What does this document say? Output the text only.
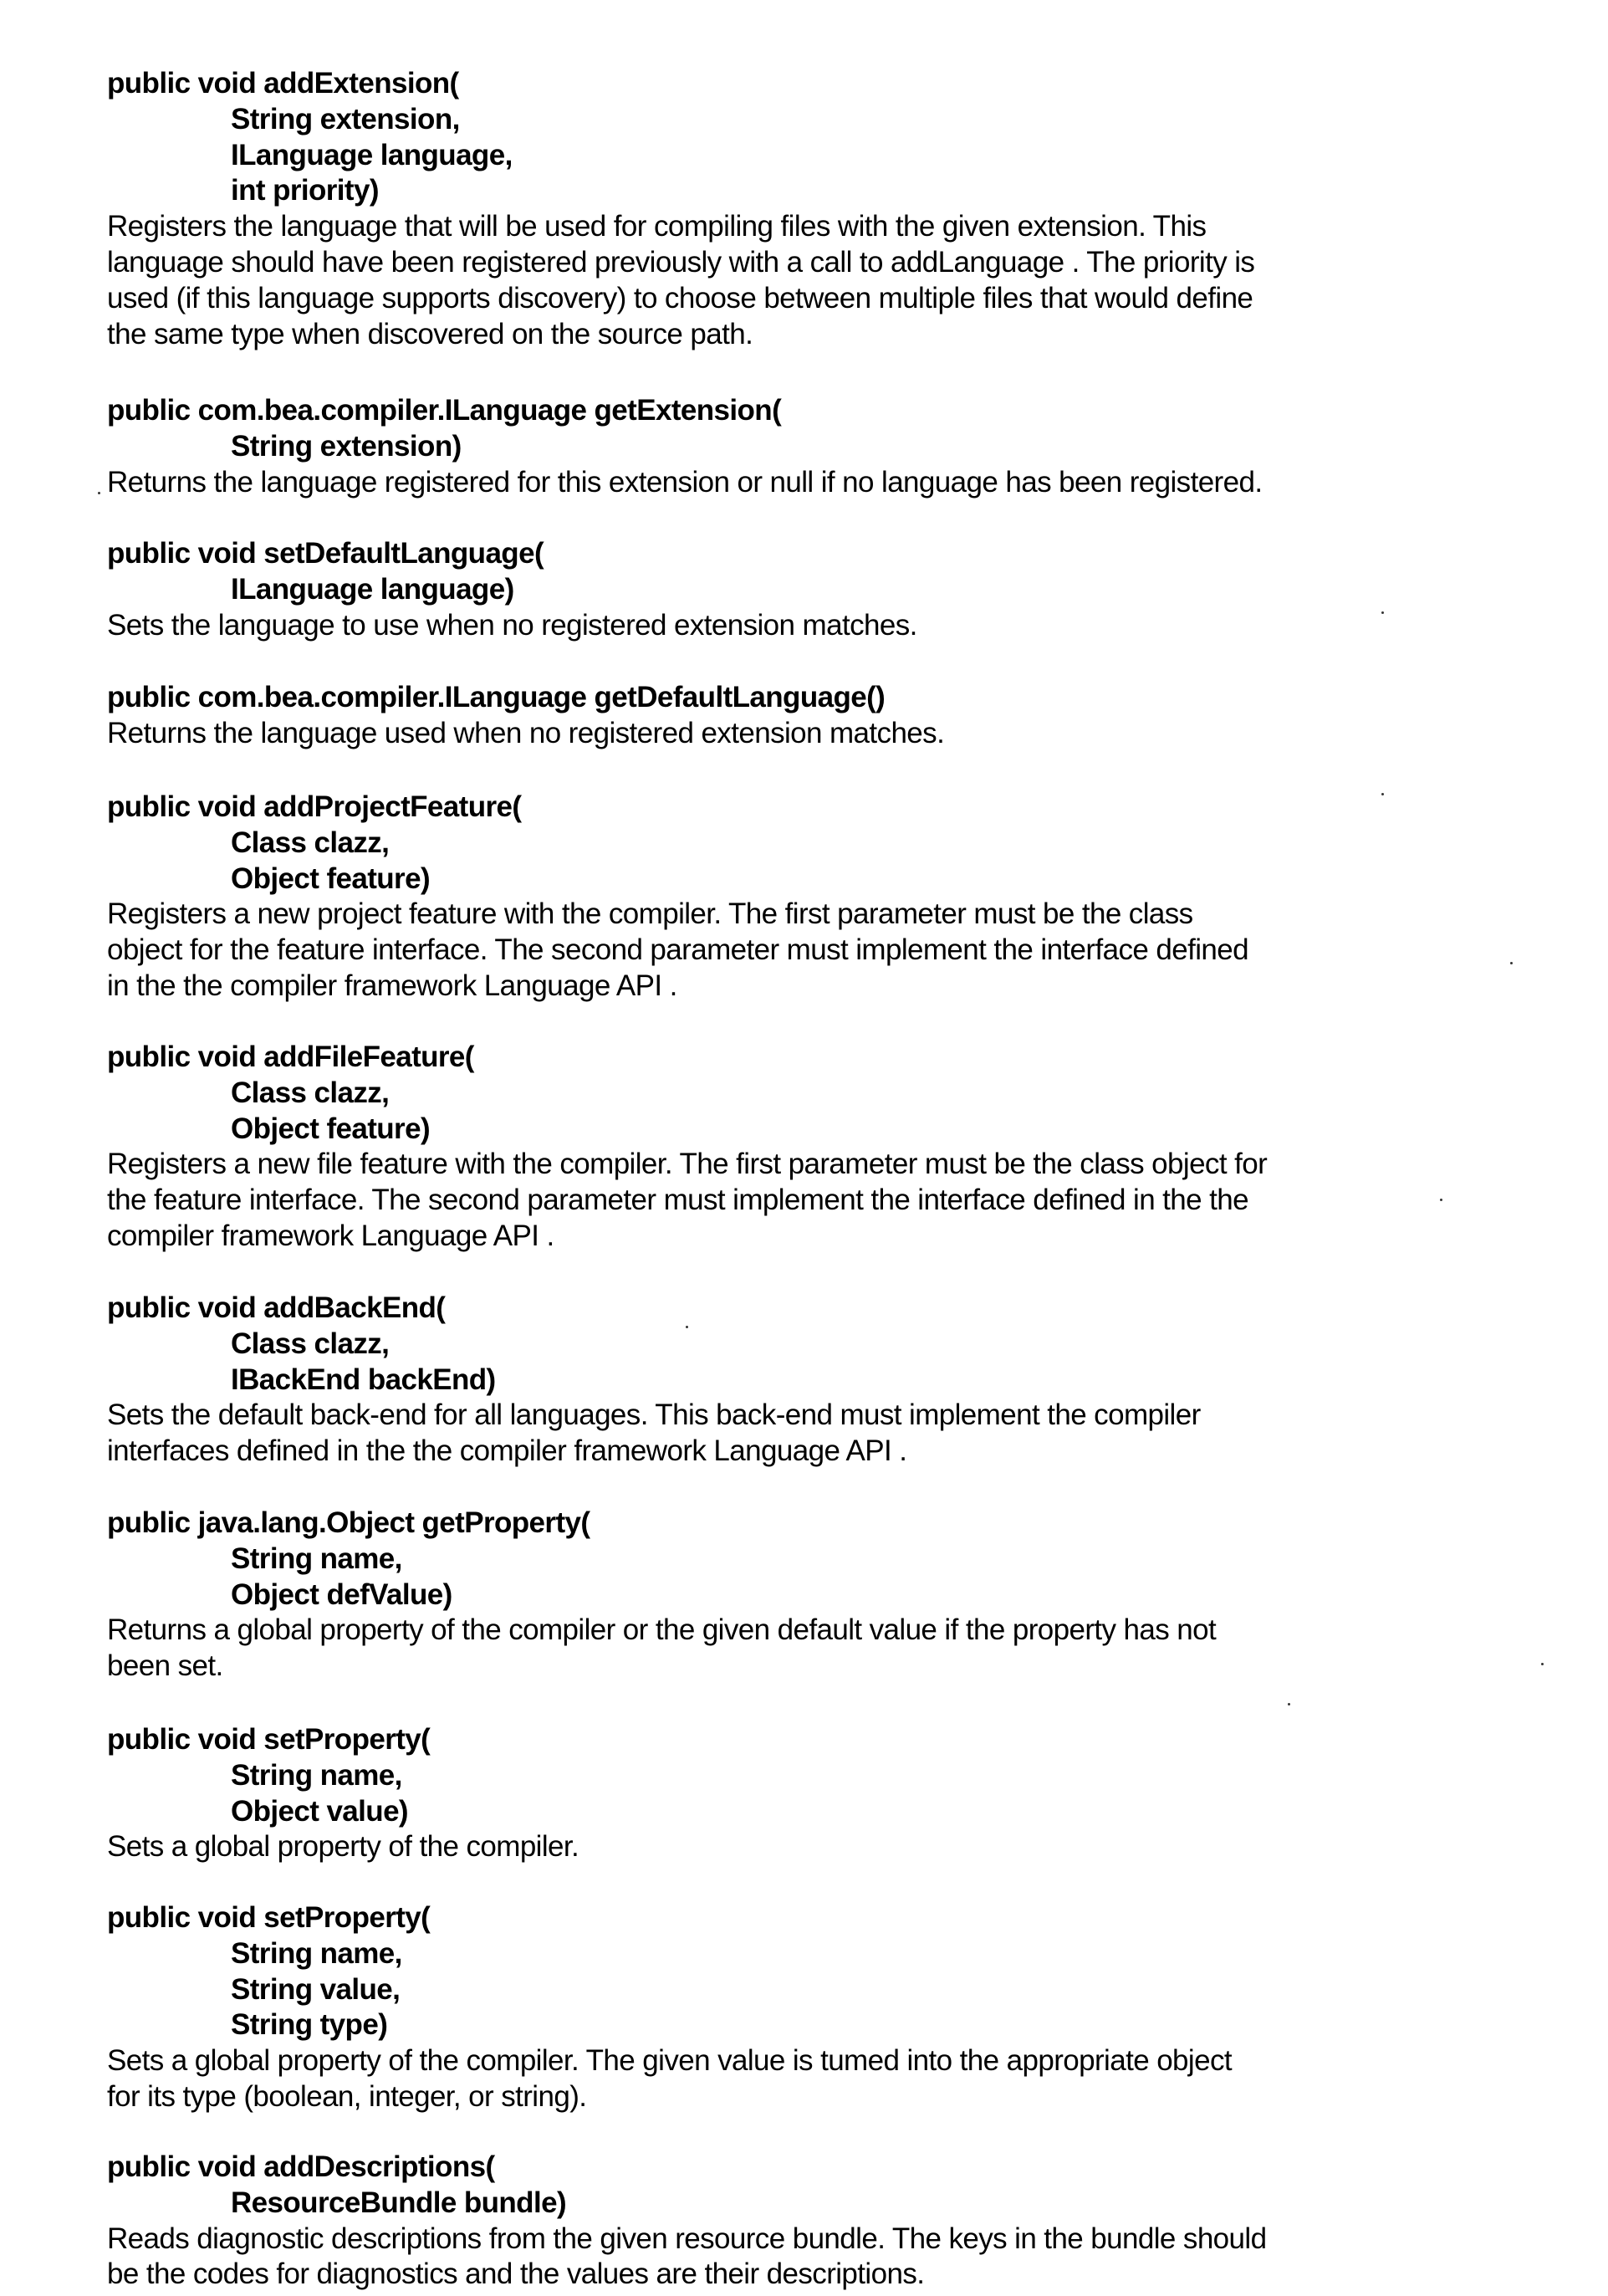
public void addExtension(
String extension,
ILanguage language,
int priority)
Registers the language that will be used for compiling files with the given extension. This
language should have been registered previously with a call to addLanguage . The priority is
used (if this language supports discovery) to choose between multiple files that would define
the same type when discovered on the source path.
public com.bea.compiler.ILanguage getExtension(
String extension)
Returns the language registered for this extension or null if no language has been registered.
public void setDefaultLanguage(
ILanguage language)
Sets the language to use when no registered extension matches.
public com.bea.compiler.ILanguage getDefaultLanguage()
Returns the language used when no registered extension matches.
public void addProjectFeature(
Class clazz,
Object feature)
Registers a new project feature with the compiler. The first parameter must be the class
object for the feature interface. The second parameter must implement the interface defined
in the the compiler framework Language API .
public void addFileFeature(
Class clazz,
Object feature)
Registers a new file feature with the compiler. The first parameter must be the class object for
the feature interface. The second parameter must implement the interface defined in the the
compiler framework Language API .
public void addBackEnd(
Class clazz,
IBackEnd backEnd)
Sets the default back-end for all languages. This back-end must implement the compiler
interfaces defined in the the compiler framework Language API .
public java.lang.Object getProperty(
String name,
Object defValue)
Returns a global property of the compiler or the given default value if the property has not
been set.
public void setProperty(
String name,
Object value)
Sets a global property of the compiler.
public void setProperty(
String name,
String value,
String type)
Sets a global property of the compiler. The given value is tumed into the appropriate object
for its type (boolean, integer, or string).
public void addDescriptions(
ResourceBundle bundle)
Reads diagnostic descriptions from the given resource bundle. The keys in the bundle should
be the codes for diagnostics and the values are their descriptions.
